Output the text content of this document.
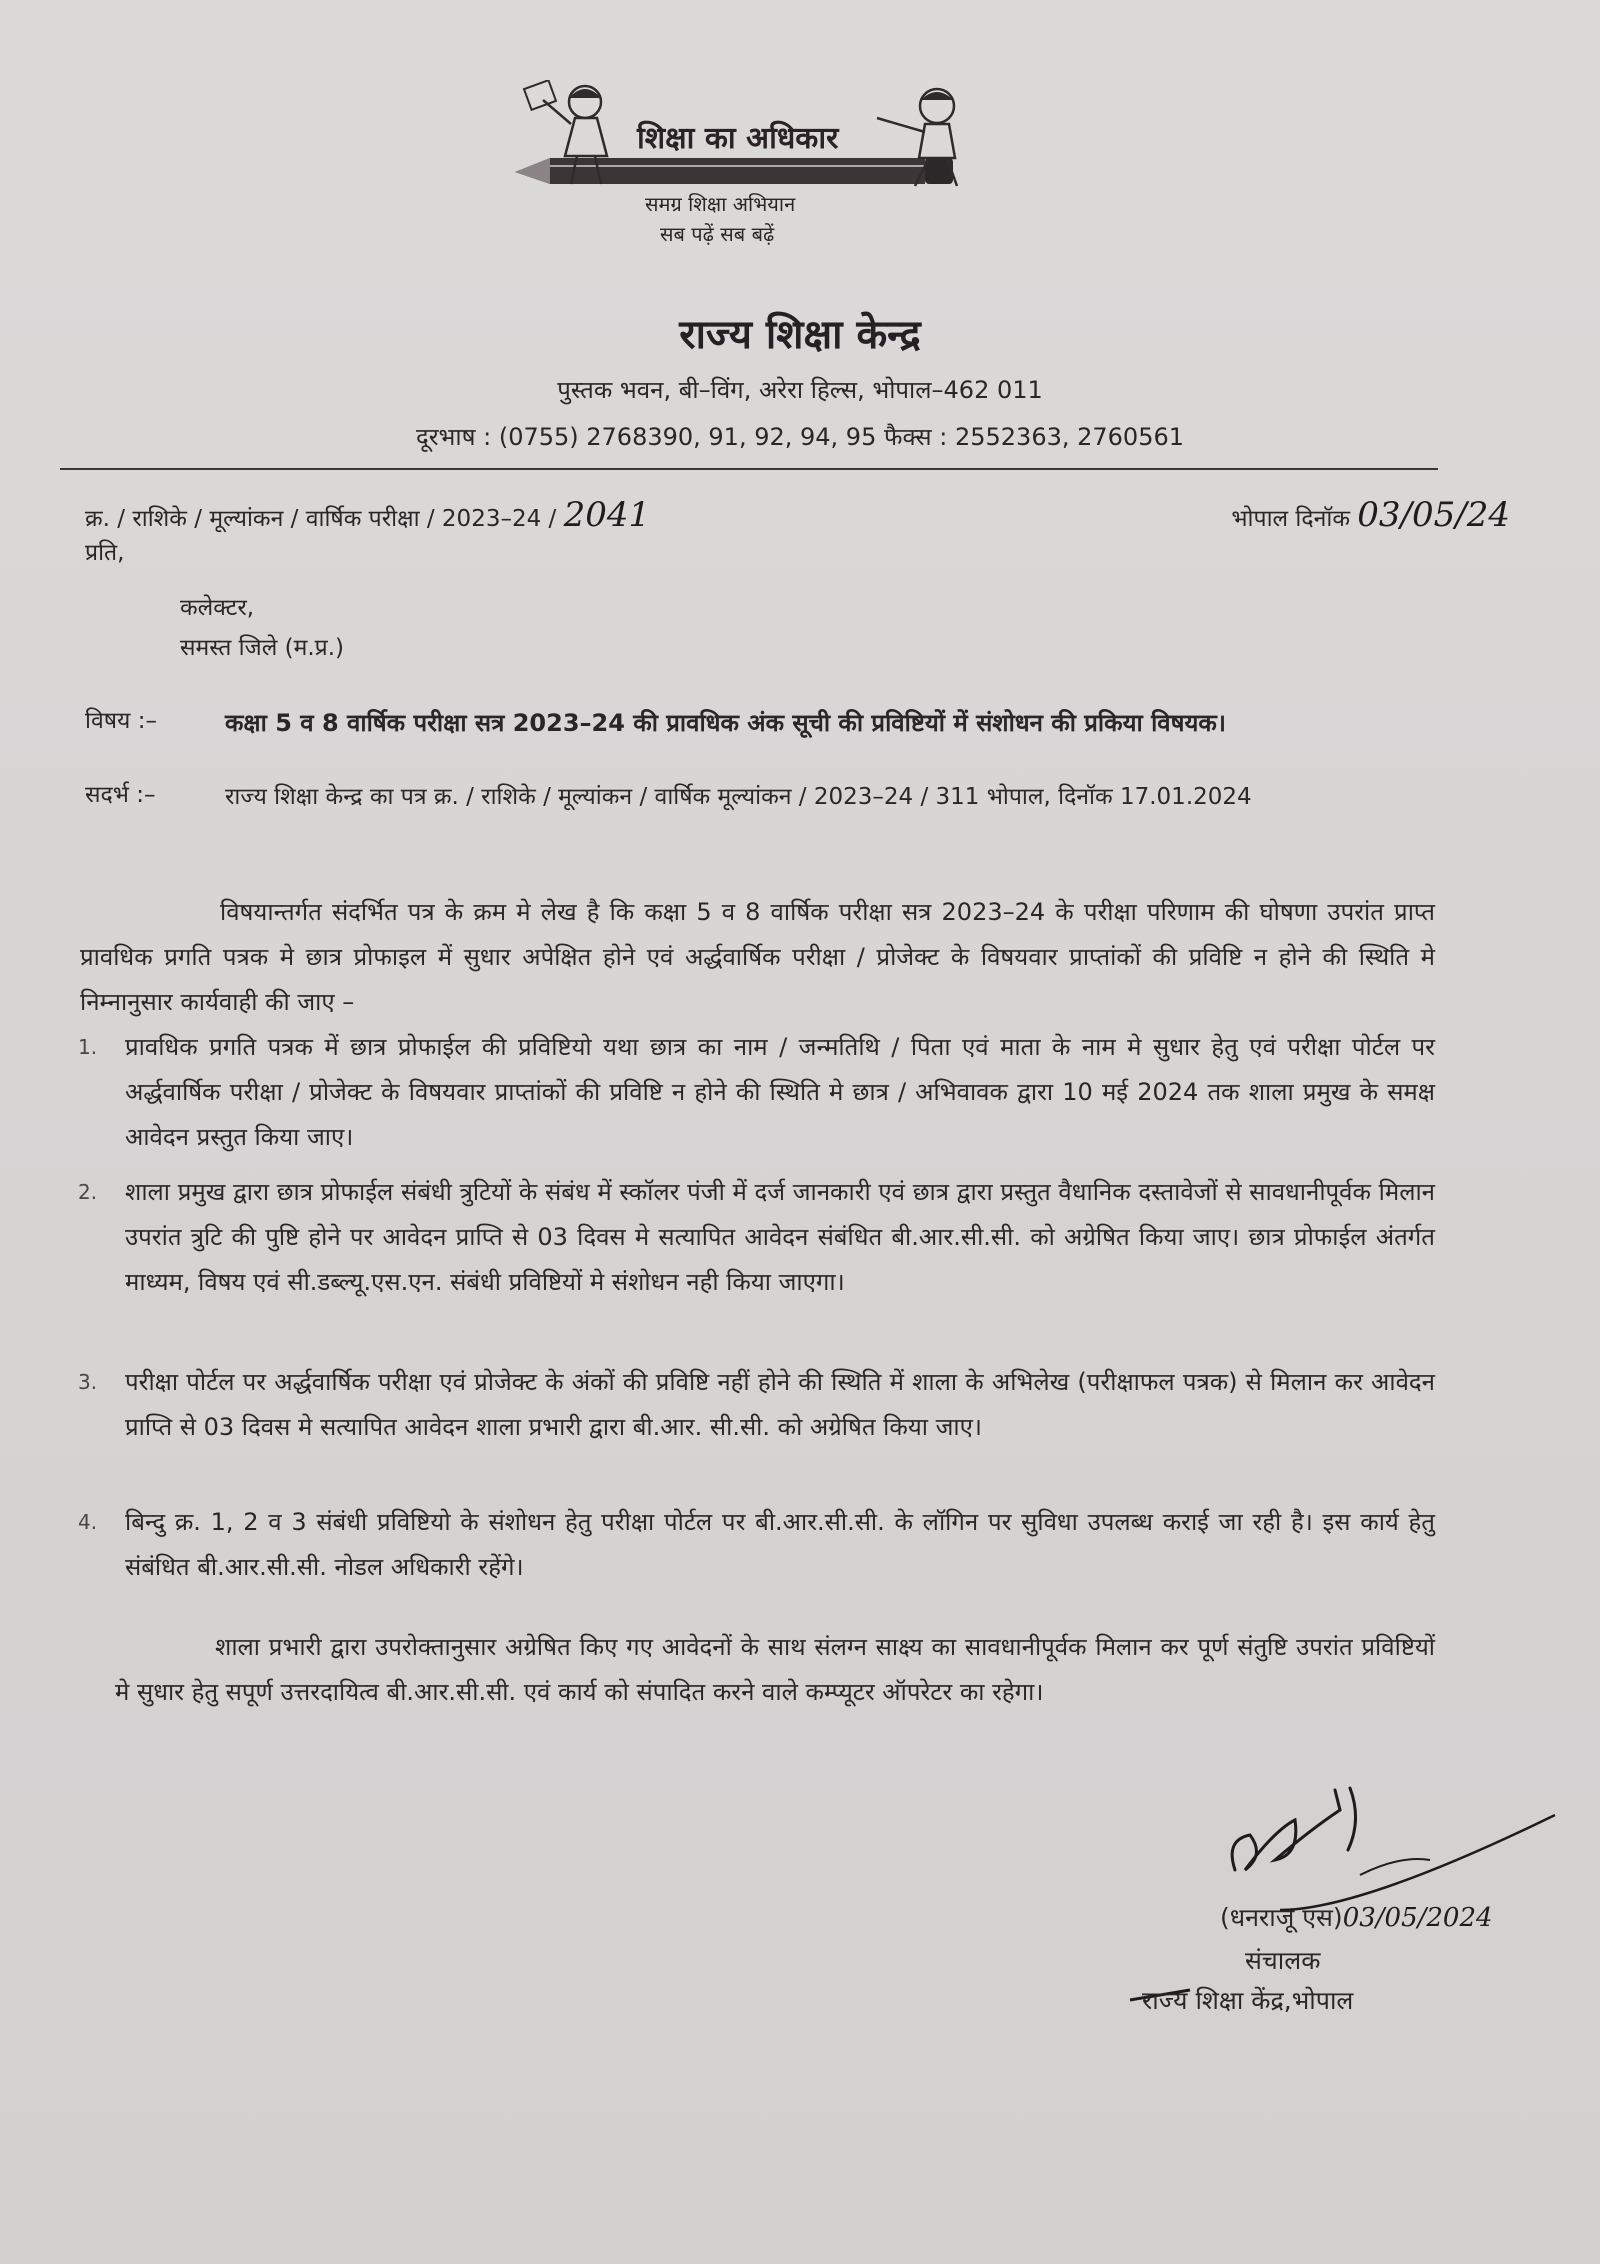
शिक्षा का अधिकार
समग्र शिक्षा अभियान
सब पढ़ें सब बढ़ें
राज्य शिक्षा केन्द्र
पुस्तक भवन, बी–विंग, अरेरा हिल्स, भोपाल–462 011
दूरभाष : (0755) 2768390, 91, 92, 94, 95 फैक्स : 2552363, 2760561
क्र. / राशिके / मूल्यांकन / वार्षिक परीक्षा / 2023–24 / 2041	भोपाल दिनॉक 03/05/24
प्रति,
कलेक्टर,
समस्त जिले (म.प्र.)
विषय :–	कक्षा 5 व 8 वार्षिक परीक्षा सत्र 2023–24 की प्रावधिक अंक सूची की प्रविष्टियों में संशोधन की प्रकिया विषयक।
सदर्भ :–	राज्य शिक्षा केन्द्र का पत्र क्र. / राशिके / मूल्यांकन / वार्षिक मूल्यांकन / 2023–24 / 311 भोपाल, दिनॉक 17.01.2024
विषयान्तर्गत संदर्भित पत्र के क्रम मे लेख है कि कक्षा 5 व 8 वार्षिक परीक्षा सत्र 2023–24 के परीक्षा परिणाम की घोषणा उपरांत प्राप्त प्रावधिक प्रगति पत्रक मे छात्र प्रोफाइल में सुधार अपेक्षित होने एवं अर्द्धवार्षिक परीक्षा / प्रोजेक्ट के विषयवार प्राप्तांकों की प्रविष्टि न होने की स्थिति मे निम्नानुसार कार्यवाही की जाए –
1. प्रावधिक प्रगति पत्रक में छात्र प्रोफाईल की प्रविष्टियो यथा छात्र का नाम / जन्मतिथि / पिता एवं माता के नाम मे सुधार हेतु एवं परीक्षा पोर्टल पर अर्द्धवार्षिक परीक्षा / प्रोजेक्ट के विषयवार प्राप्तांकों की प्रविष्टि न होने की स्थिति मे छात्र / अभिवावक द्वारा 10 मई 2024 तक शाला प्रमुख के समक्ष आवेदन प्रस्तुत किया जाए।
2. शाला प्रमुख द्वारा छात्र प्रोफाईल संबंधी त्रुटियों के संबंध में स्कॉलर पंजी में दर्ज जानकारी एवं छात्र द्वारा प्रस्तुत वैधानिक दस्तावेजों से सावधानीपूर्वक मिलान उपरांत त्रुटि की पुष्टि होने पर आवेदन प्राप्ति से 03 दिवस मे सत्यापित आवेदन संबंधित बी.आर.सी.सी. को अग्रेषित किया जाए। छात्र प्रोफाईल अंतर्गत माध्यम, विषय एवं सी.डब्ल्यू.एस.एन. संबंधी प्रविष्टियों मे संशोधन नही किया जाएगा।
3. परीक्षा पोर्टल पर अर्द्धवार्षिक परीक्षा एवं प्रोजेक्ट के अंकों की प्रविष्टि नहीं होने की स्थिति में शाला के अभिलेख (परीक्षाफल पत्रक) से मिलान कर आवेदन प्राप्ति से 03 दिवस मे सत्यापित आवेदन शाला प्रभारी द्वारा बी.आर. सी.सी. को अग्रेषित किया जाए।
4. बिन्दु क्र. 1, 2 व 3 संबंधी प्रविष्टियो के संशोधन हेतु परीक्षा पोर्टल पर बी.आर.सी.सी. के लॉगिन पर सुविधा उपलब्ध कराई जा रही है। इस कार्य हेतु संबंधित बी.आर.सी.सी. नोडल अधिकारी रहेंगे।
शाला प्रभारी द्वारा उपरोक्तानुसार अग्रेषित किए गए आवेदनों के साथ संलग्न साक्ष्य का सावधानीपूर्वक मिलान कर पूर्ण संतुष्टि उपरांत प्रविष्टियों मे सुधार हेतु सपूर्ण उत्तरदायित्व बी.आर.सी.सी. एवं कार्य को संपादित करने वाले कम्प्यूटर ऑपरेटर का रहेगा।
(धनराजू एस)03/05/2024
संचालक
राज्य शिक्षा केंद्र,भोपाल
